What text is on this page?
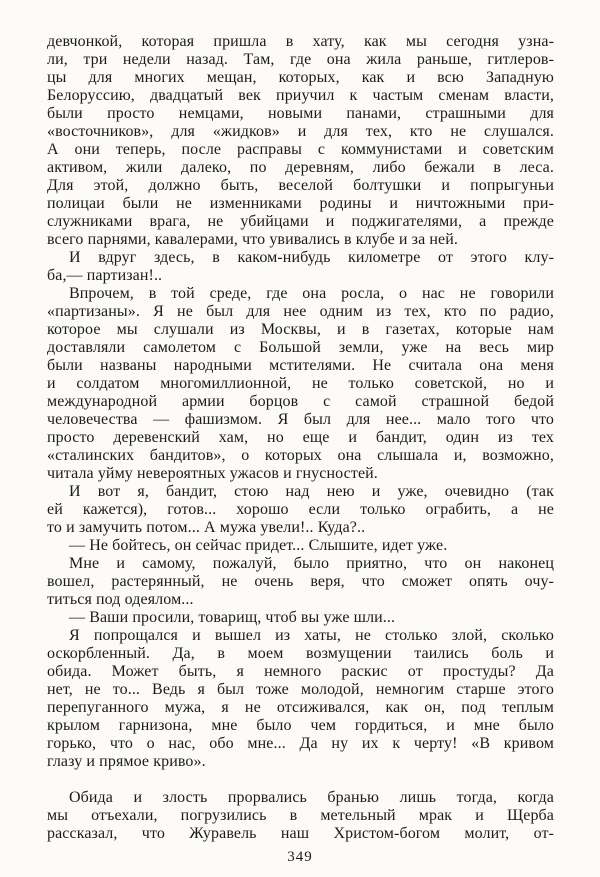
девчонкой, которая пришла в хату, как мы сегодня узна-
ли, три недели назад. Там, где она жила раньше, гитлеров-
цы для многих мещан, которых, как и всю Западную
Белоруссию, двадцатый век приучил к частым сменам власти,
были просто немцами, новыми панами, страшными для
«восточников», для «жидков» и для тех, кто не слушался.
А они теперь, после расправы с коммунистами и советским
активом, жили далеко, по деревням, либо бежали в леса.
Для этой, должно быть, веселой болтушки и попрыгуньи
полицаи были не изменниками родины и ничтожными при-
служниками врага, не убийцами и поджигателями, а прежде
всего парнями, кавалерами, что увивались в клубе и за ней.
И вдруг здесь, в каком-нибудь километре от этого клу-
ба,— партизан!..
Впрочем, в той среде, где она росла, о нас не говорили
«партизаны». Я не был для нее одним из тех, кто по радио,
которое мы слушали из Москвы, и в газетах, которые нам
доставляли самолетом с Большой земли, уже на весь мир
были названы народными мстителями. Не считала она меня
и солдатом многомиллионной, не только советской, но и
международной армии борцов с самой страшной бедой
человечества — фашизмом. Я был для нее... мало того что
просто деревенский хам, но еще и бандит, один из тех
«сталинских бандитов», о которых она слышала и, возможно,
читала уйму невероятных ужасов и гнусностей.
И вот я, бандит, стою над нею и уже, очевидно (так
ей кажется), готов... хорошо если только ограбить, а не
то и замучить потом... А мужа увели!.. Куда?..
— Не бойтесь, он сейчас придет... Слышите, идет уже.
Мне и самому, пожалуй, было приятно, что он наконец
вошел, растерянный, не очень веря, что сможет опять очу-
титься под одеялом...
— Ваши просили, товарищ, чтоб вы уже шли...
Я попрощался и вышел из хаты, не столько злой, сколько
оскорбленный. Да, в моем возмущении таились боль и
обида. Может быть, я немного раскис от простуды? Да
нет, не то... Ведь я был тоже молодой, немногим старше этого
перепуганного мужа, я не отсиживался, как он, под теплым
крылом гарнизона, мне было чем гордиться, и мне было
горько, что о нас, обо мне... Да ну их к черту! «В кривом
глазу и прямое криво».
Обида и злость прорвались бранью лишь тогда, когда
мы отъехали, погрузились в метельный мрак и Щерба
рассказал, что Журавель наш Христом-богом молит, от-
349
